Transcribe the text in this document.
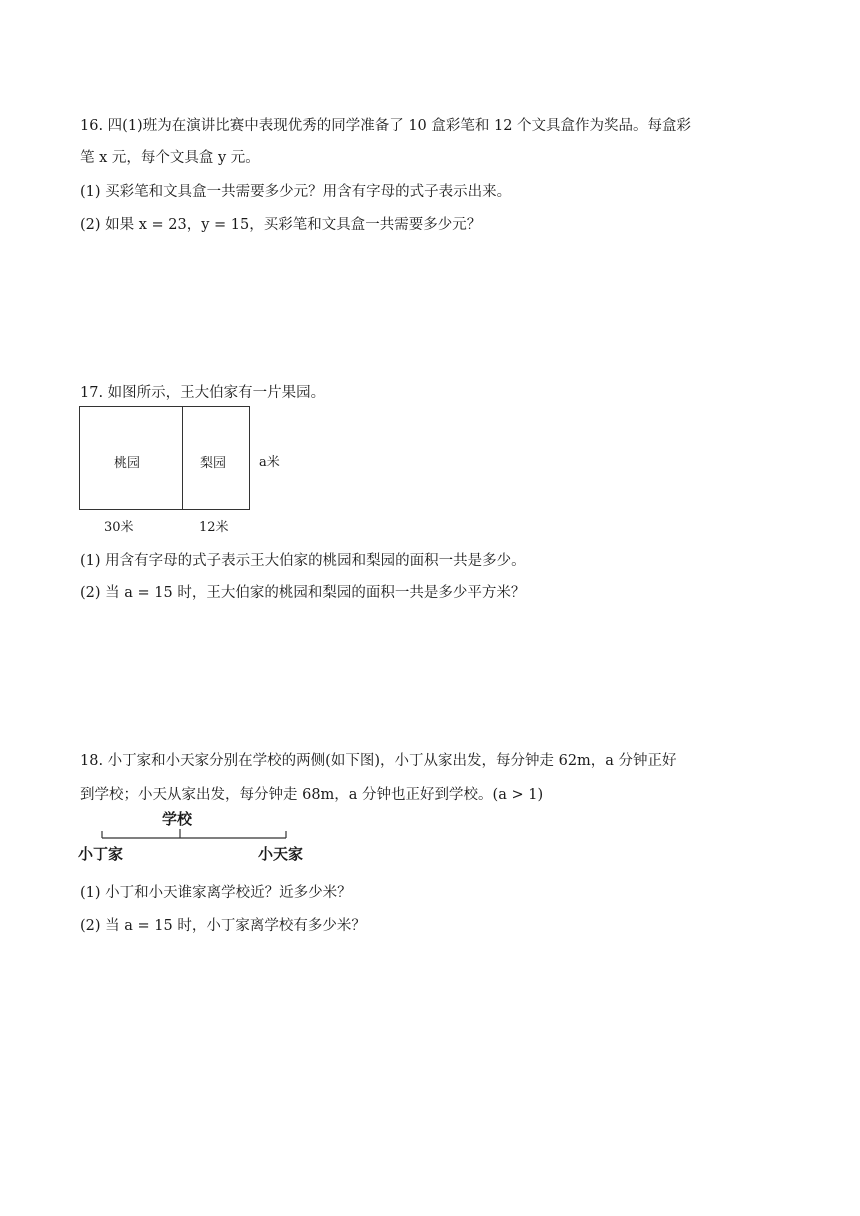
16. 四(1)班为在演讲比赛中表现优秀的同学准备了 10 盒彩笔和 12 个文具盒作为奖品。每盒彩
笔 x 元，每个文具盒 y 元。
(1) 买彩笔和文具盒一共需要多少元？用含有字母的式子表示出来。
(2) 如果 x = 23，y = 15，买彩笔和文具盒一共需要多少元？
17. 如图所示，王大伯家有一片果园。
桃园	梨园	a米
30米	12米
(1) 用含有字母的式子表示王大伯家的桃园和梨园的面积一共是多少。
(2) 当 a = 15 时，王大伯家的桃园和梨园的面积一共是多少平方米？
18. 小丁家和小天家分别在学校的两侧(如下图)，小丁从家出发，每分钟走 62m，a 分钟正好
到学校；小天从家出发，每分钟走 68m，a 分钟也正好到学校。(a > 1)
学校
小丁家	小天家
(1) 小丁和小天谁家离学校近？近多少米？
(2) 当 a = 15 时，小丁家离学校有多少米？
